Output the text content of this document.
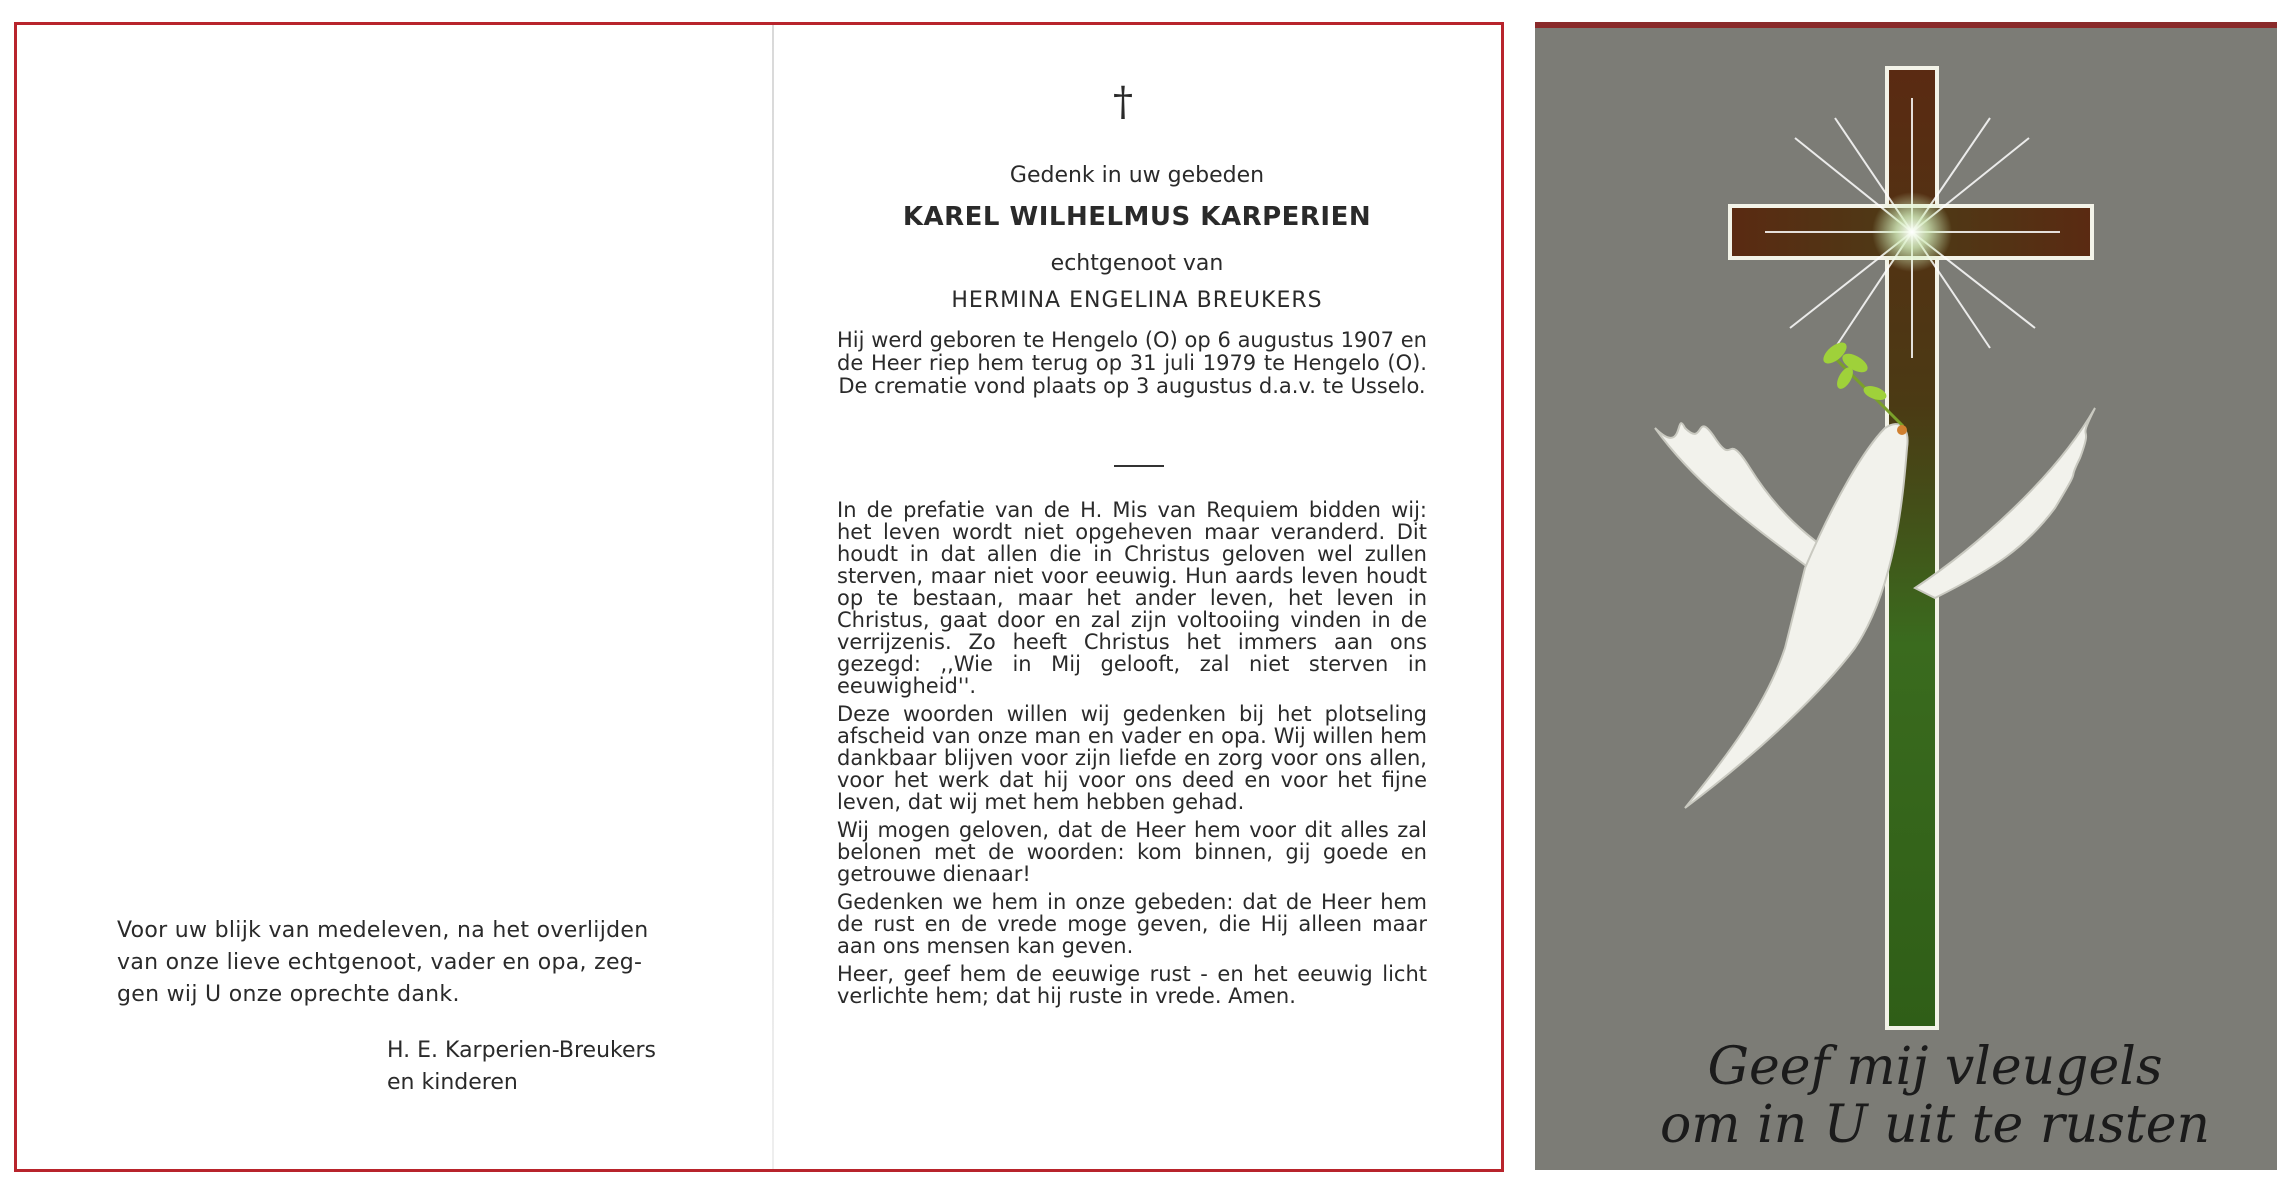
Voor uw blijk van medeleven, na het overlijden

van onze lieve echtgenoot, vader en opa, zeg-

gen wij U onze oprechte dank.

H. E. Karperien-Breukers
en kinderen
†
Gedenk in uw gebeden
KAREL WILHELMUS KARPERIEN
echtgenoot van
HERMINA ENGELINA BREUKERS
Hij werd geboren te Hengelo (O) op 6 augustus 1907 en de Heer riep hem terug op 31 juli 1979 te Hengelo (O). De crematie vond plaats op 3 augustus d.a.v. te Usselo.

In de prefatie van de H. Mis van Requiem bidden wij: het leven wordt niet opgeheven maar veranderd. Dit houdt in dat allen die in Christus geloven wel zullen sterven, maar niet voor eeuwig. Hun aards leven houdt op te bestaan, maar het ander leven, het leven in Christus, gaat door en zal zijn voltooiing vinden in de verrijzenis. Zo heeft Christus het immers aan ons gezegd: ,,Wie in Mij gelooft, zal niet sterven in eeuwigheid''.

Deze woorden willen wij gedenken bij het plotseling afscheid van onze man en vader en opa. Wij willen hem dankbaar blijven voor zijn liefde en zorg voor ons allen, voor het werk dat hij voor ons deed en voor het fijne leven, dat wij met hem hebben gehad.

Wij mogen geloven, dat de Heer hem voor dit alles zal belonen met de woorden: kom binnen, gij goede en getrouwe dienaar!

Gedenken we hem in onze gebeden: dat de Heer hem de rust en de vrede moge geven, die Hij alleen maar aan ons mensen kan geven.

Heer, geef hem de eeuwige rust - en het eeuwig licht verlichte hem; dat hij ruste in vrede. Amen.

Geef mij vleugels
om in U uit te rusten
